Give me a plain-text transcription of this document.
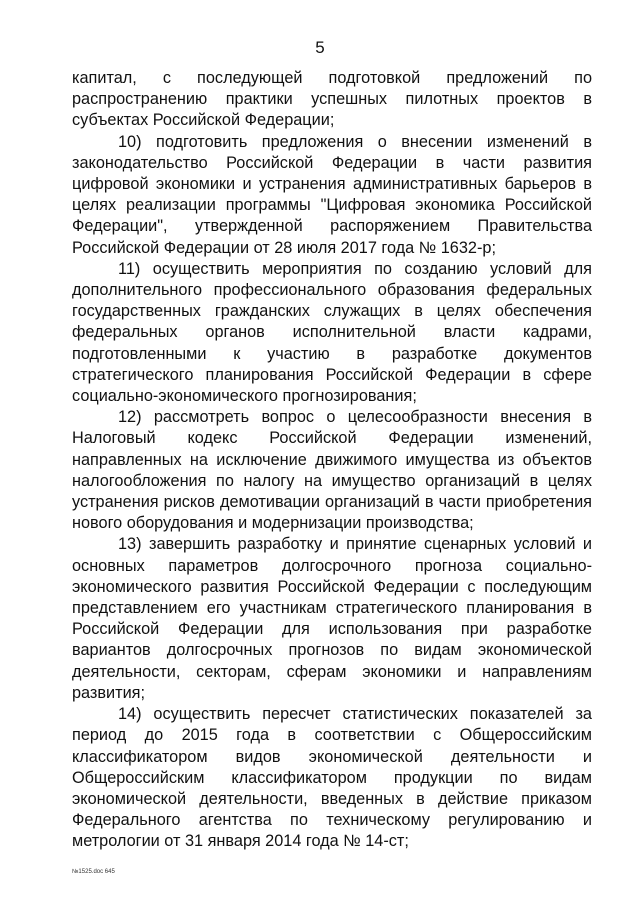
5

капитал, с последующей подготовкой предложений по распространению практики успешных пилотных проектов в субъектах Российской Федерации;

10) подготовить предложения о внесении изменений в законодательство Российской Федерации в части развития цифровой экономики и устранения административных барьеров в целях реализации программы "Цифровая экономика Российской Федерации", утвержденной распоряжением Правительства Российской Федерации от 28 июля 2017 года № 1632-р;

11) осуществить мероприятия по созданию условий для дополнительного профессионального образования федеральных государственных гражданских служащих в целях обеспечения федеральных органов исполнительной власти кадрами, подготовленными к участию в разработке документов стратегического планирования Российской Федерации в сфере социально-экономического прогнозирования;

12) рассмотреть вопрос о целесообразности внесения в Налоговый кодекс Российской Федерации изменений, направленных на исключение движимого имущества из объектов налогообложения по налогу на имущество организаций в целях устранения рисков демотивации организаций в части приобретения нового оборудования и модернизации производства;

13) завершить разработку и принятие сценарных условий и основных параметров долгосрочного прогноза социально-экономического развития Российской Федерации с последующим представлением его участникам стратегического планирования в Российской Федерации для использования при разработке вариантов долгосрочных прогнозов по видам экономической деятельности, секторам, сферам экономики и направлениям развития;

14) осуществить пересчет статистических показателей за период до 2015 года в соответствии с Общероссийским классификатором видов экономической деятельности и Общероссийским классификатором продукции по видам экономической деятельности, введенных в действие приказом Федерального агентства по техническому регулированию и метрологии от 31 января 2014 года № 14-ст;

№1525.doc 645
